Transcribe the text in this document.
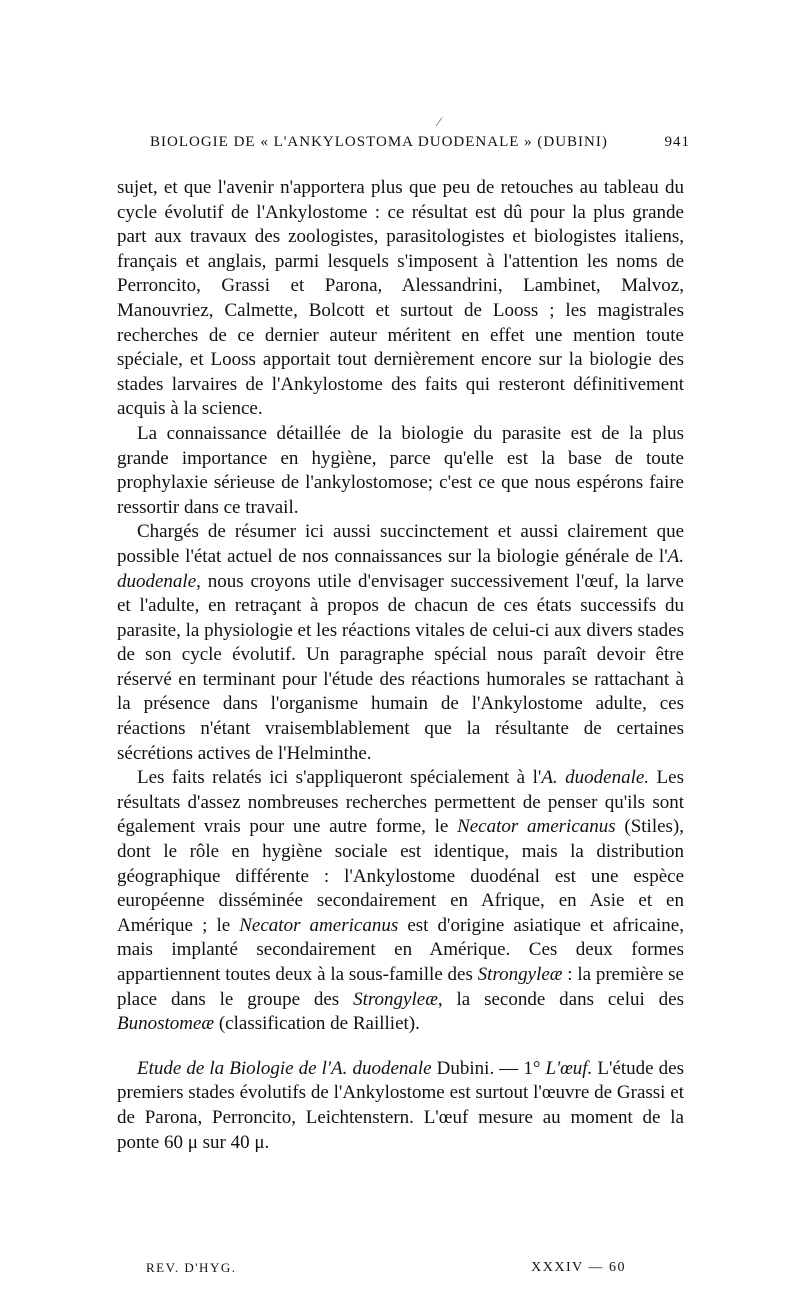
⁄
BIOLOGIE DE « L'ANKYLOSTOMA DUODENALE » (DUBINI)	941

sujet, et que l'avenir n'apportera plus que peu de retouches au tableau du cycle évolutif de l'Ankylostome : ce résultat est dû pour la plus grande part aux travaux des zoologistes, parasitologistes et biologistes italiens, français et anglais, parmi lesquels s'imposent à l'attention les noms de Perroncito, Grassi et Parona, Alessandrini, Lambinet, Malvoz, Manouvriez, Calmette, Bolcott et surtout de Looss ; les magistrales recherches de ce dernier auteur méritent en effet une mention toute spéciale, et Looss apportait tout dernièrement encore sur la biologie des stades larvaires de l'Ankylostome des faits qui resteront définitivement acquis à la science.

La connaissance détaillée de la biologie du parasite est de la plus grande importance en hygiène, parce qu'elle est la base de toute prophylaxie sérieuse de l'ankylostomose; c'est ce que nous espérons faire ressortir dans ce travail.

Chargés de résumer ici aussi succinctement et aussi clairement que possible l'état actuel de nos connaissances sur la biologie générale de l'A. duodenale, nous croyons utile d'envisager successivement l'œuf, la larve et l'adulte, en retraçant à propos de chacun de ces états successifs du parasite, la physiologie et les réactions vitales de celui-ci aux divers stades de son cycle évolutif. Un paragraphe spécial nous paraît devoir être réservé en terminant pour l'étude des réactions humorales se rattachant à la présence dans l'organisme humain de l'Ankylostome adulte, ces réactions n'étant vraisemblablement que la résultante de certaines sécrétions actives de l'Helminthe.

Les faits relatés ici s'appliqueront spécialement à l'A. duodenale. Les résultats d'assez nombreuses recherches permettent de penser qu'ils sont également vrais pour une autre forme, le Necator americanus (Stiles), dont le rôle en hygiène sociale est identique, mais la distribution géographique différente : l'Ankylostome duodénal est une espèce européenne disséminée secondairement en Afrique, en Asie et en Amérique ; le Necator americanus est d'origine asiatique et africaine, mais implanté secondairement en Amérique. Ces deux formes appartiennent toutes deux à la sous-famille des Strongyleæ : la première se place dans le groupe des Strongyleæ, la seconde dans celui des Bunostomeæ (classification de Railliet).

Etude de la Biologie de l'A. duodenale Dubini. — 1° L'œuf. L'étude des premiers stades évolutifs de l'Ankylostome est surtout l'œuvre de Grassi et de Parona, Perroncito, Leichtenstern. L'œuf mesure au moment de la ponte 60 μ sur 40 μ.

REV. D'HYG.	XXXIV — 60
